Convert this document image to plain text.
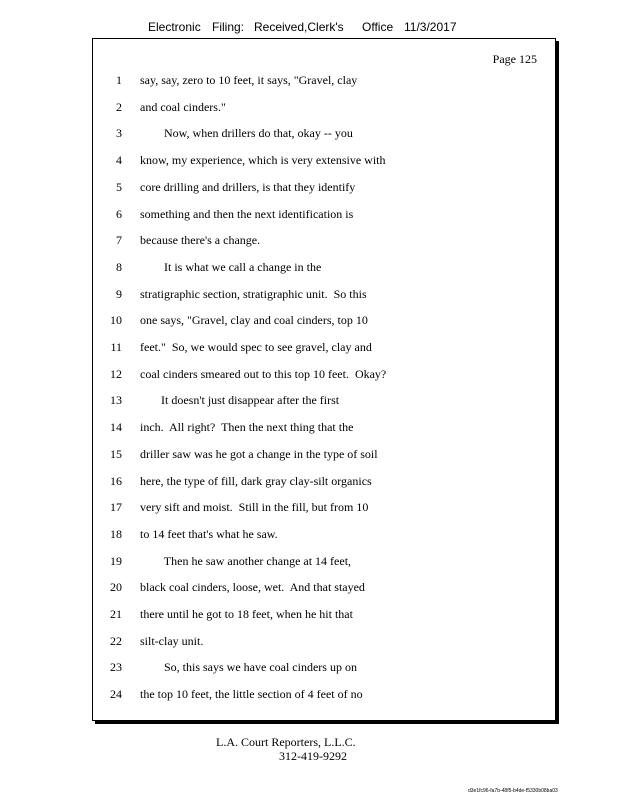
Electronic Filing: Received,Clerk's Office 11/3/2017
Page 125
1 say, say, zero to 10 feet, it says, "Gravel, clay
2 and coal cinders."
3 Now, when drillers do that, okay -- you
4 know, my experience, which is very extensive with
5 core drilling and drillers, is that they identify
6 something and then the next identification is
7 because there's a change.
8 It is what we call a change in the
9 stratigraphic section, stratigraphic unit.  So this
10 one says, "Gravel, clay and coal cinders, top 10
11 feet."  So, we would spec to see gravel, clay and
12 coal cinders smeared out to this top 10 feet.  Okay?
13 It doesn't just disappear after the first
14 inch.  All right?  Then the next thing that the
15 driller saw was he got a change in the type of soil
16 here, the type of fill, dark gray clay-silt organics
17 very sift and moist.  Still in the fill, but from 10
18 to 14 feet that's what he saw.
19 Then he saw another change at 14 feet,
20 black coal cinders, loose, wet.  And that stayed
21 there until he got to 18 feet, when he hit that
22 silt-clay unit.
23 So, this says we have coal cinders up on
24 the top 10 feet, the little section of 4 feet of no
L.A. Court Reporters, L.L.C.
312-419-9292
d3e1fc96-fa7b-48f5-b4de-f5330b08ba03
